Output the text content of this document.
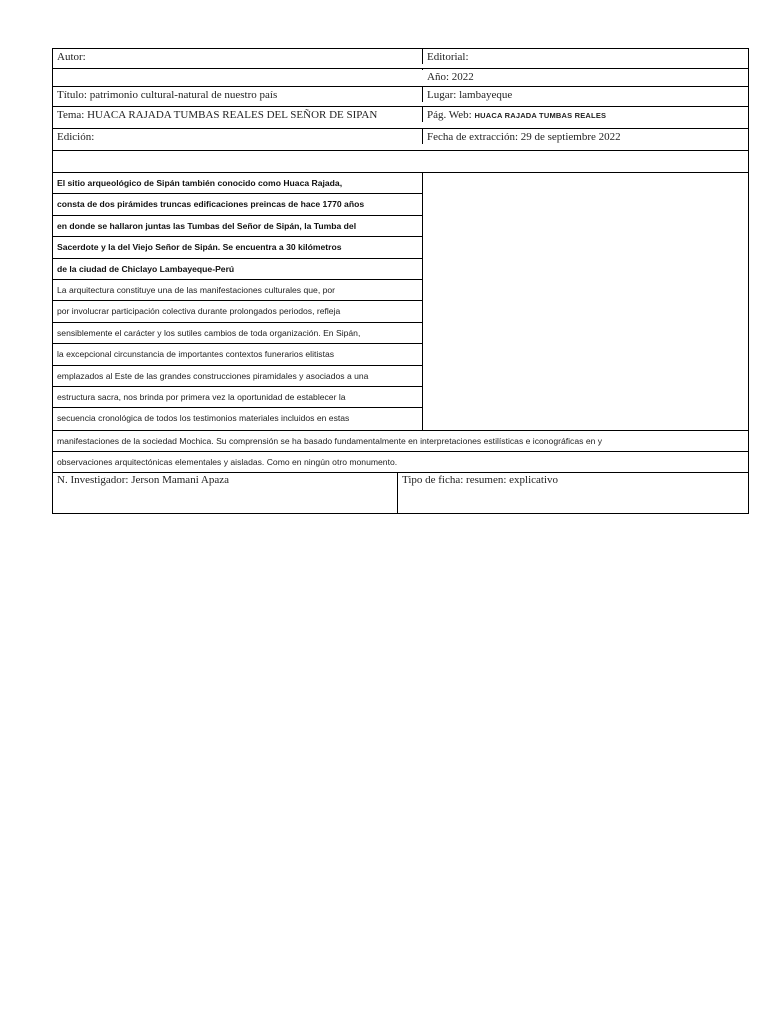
Autor:	Editorial:
Año: 2022
Título: patrimonio cultural-natural de nuestro país	Lugar: lambayeque
Tema: HUACA RAJADA TUMBAS REALES DEL SEÑOR DE SIPAN	Pág. Web: HUACA RAJADA TUMBAS REALES
Edición:	Fecha de extracción: 29 de septiembre 2022
El sitio arqueológico de Sipán también conocido como Huaca Rajada,
consta de dos pirámides truncas edificaciones preincas de hace 1770 años
en donde se hallaron juntas las Tumbas del Señor de Sipán, la Tumba del
Sacerdote y la del Viejo Señor de Sipán. Se encuentra a 30 kilómetros
de la ciudad de Chiclayo Lambayeque-Perú
La arquitectura constituye una de las manifestaciones culturales que, por
por involucrar participación colectiva durante prolongados periodos, refleja
sensiblemente el carácter y los sutiles cambios de toda organización. En Sipán,
la excepcional circunstancia de importantes contextos funerarios elitistas
emplazados al Este de las grandes construcciones piramidales y asociados a una
estructura sacra, nos brinda por primera vez la oportunidad de establecer la
secuencia cronológica de todos los testimonios materiales incluidos en estas
manifestaciones de la sociedad Mochica. Su comprensión se ha basado fundamentalmente en interpretaciones estilísticas e iconográficas en y
observaciones arquitectónicas elementales y aisladas. Como en ningún otro monumento.
N. Investigador: Jerson Mamani Apaza	Tipo de ficha: resumen: explicativo
